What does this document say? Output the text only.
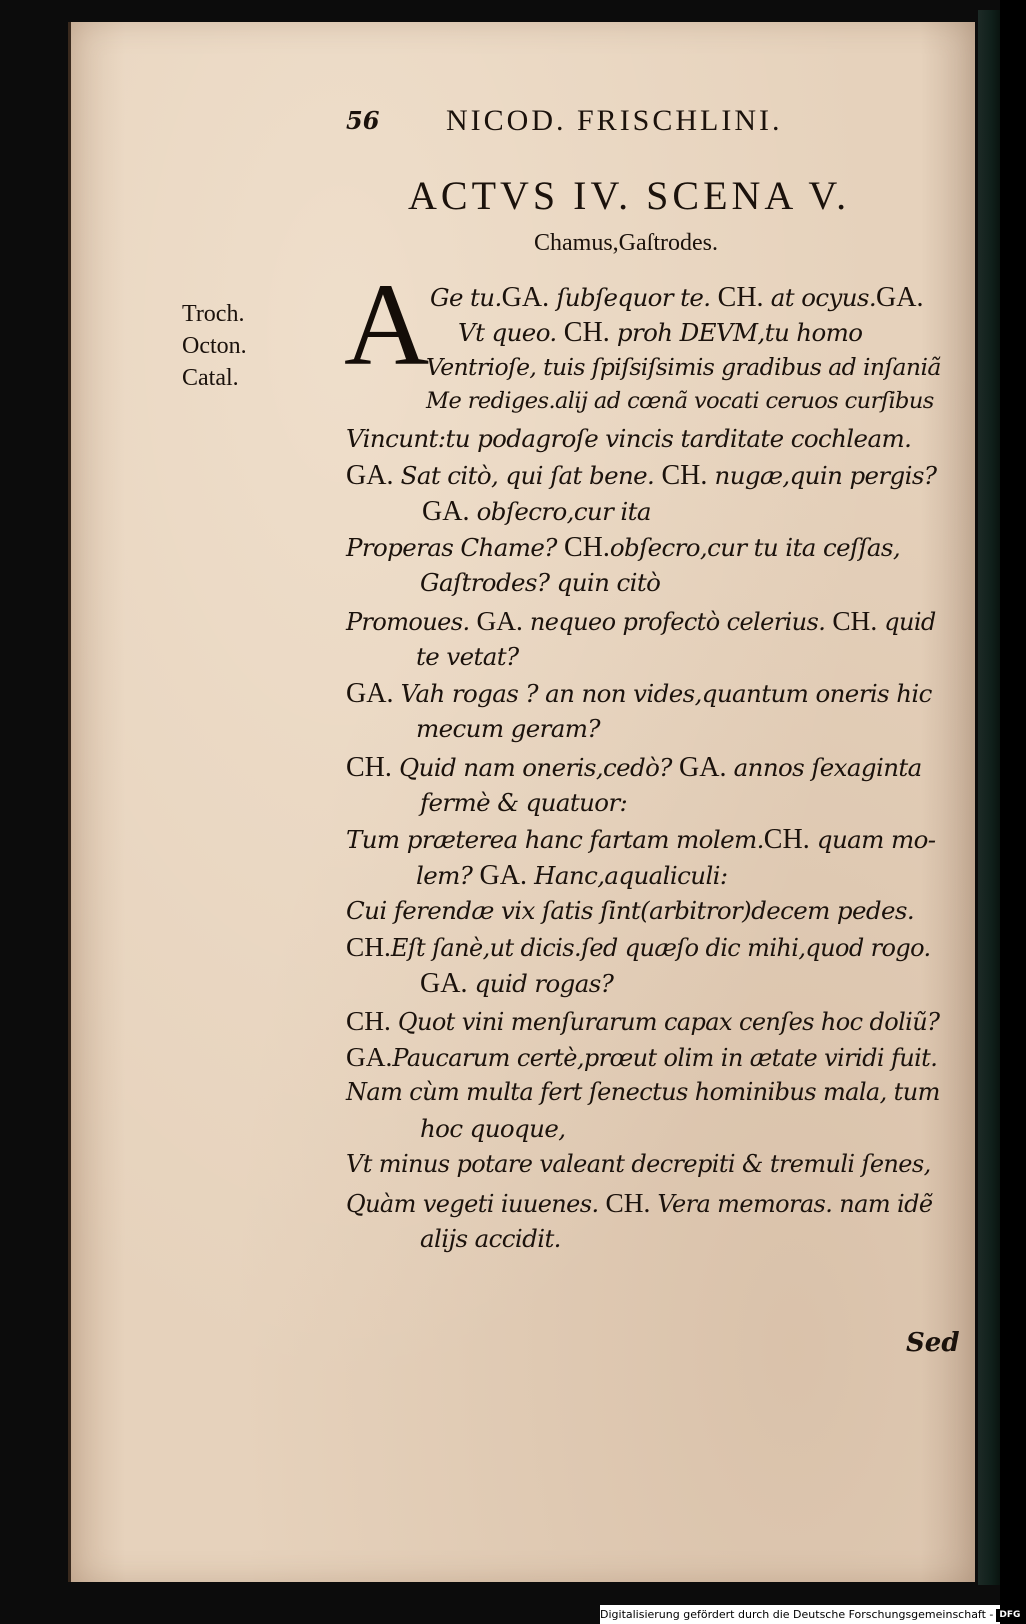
56 NICOD. FRISCHLINI.
ACTVS IV. SCENA V.
Chamus,Gaſtrodes.
Troch.
Octon.
Catal. A Ge tu.GA. ſubſequor te. CH. at ocyus.GA.
Vt queo. CH. proh DEVM,tu homo
Ventrioſe, tuis ſpiſsiſsimis gradibus ad inſaniã
Me rediges.alij ad cœnã vocati ceruos curſibus
Vincunt:tu podagroſe vincis tarditate cochleam.
GA. Sat citò, qui ſat bene. CH. nugæ,quin pergis?
GA. obſecro,cur ita
Properas Chame? CH.obſecro,cur tu ita ceſſas,
Gaſtrodes? quin citò
Promoues. GA. nequeo profectò celerius. CH. quid
te vetat?
GA. Vah rogas ? an non vides,quantum oneris hic
mecum geram?
CH. Quid nam oneris,cedò? GA. annos ſexaginta
fermè & quatuor:
Tum præterea hanc fartam molem.CH. quam mo-
lem? GA. Hanc,aqualiculi:
Cui ferendæ vix ſatis ſint(arbitror)decem pedes.
CH.Eſt ſanè,ut dicis.ſed quæſo dic mihi,quod rogo.
GA. quid rogas?
CH. Quot vini menſurarum capax cenſes hoc doliũ?
GA.Paucarum certè,prœut olim in ætate viridi fuit.
Nam cùm multa fert ſenectus hominibus mala, tum
hoc quoque,
Vt minus potare valeant decrepiti & tremuli ſenes,
Quàm vegeti iuuenes. CH. Vera memoras. nam idẽ
alijs accidit.
Sed
Digitalisierung gefördert durch die Deutsche Forschungsgemeinschaft - DFG
